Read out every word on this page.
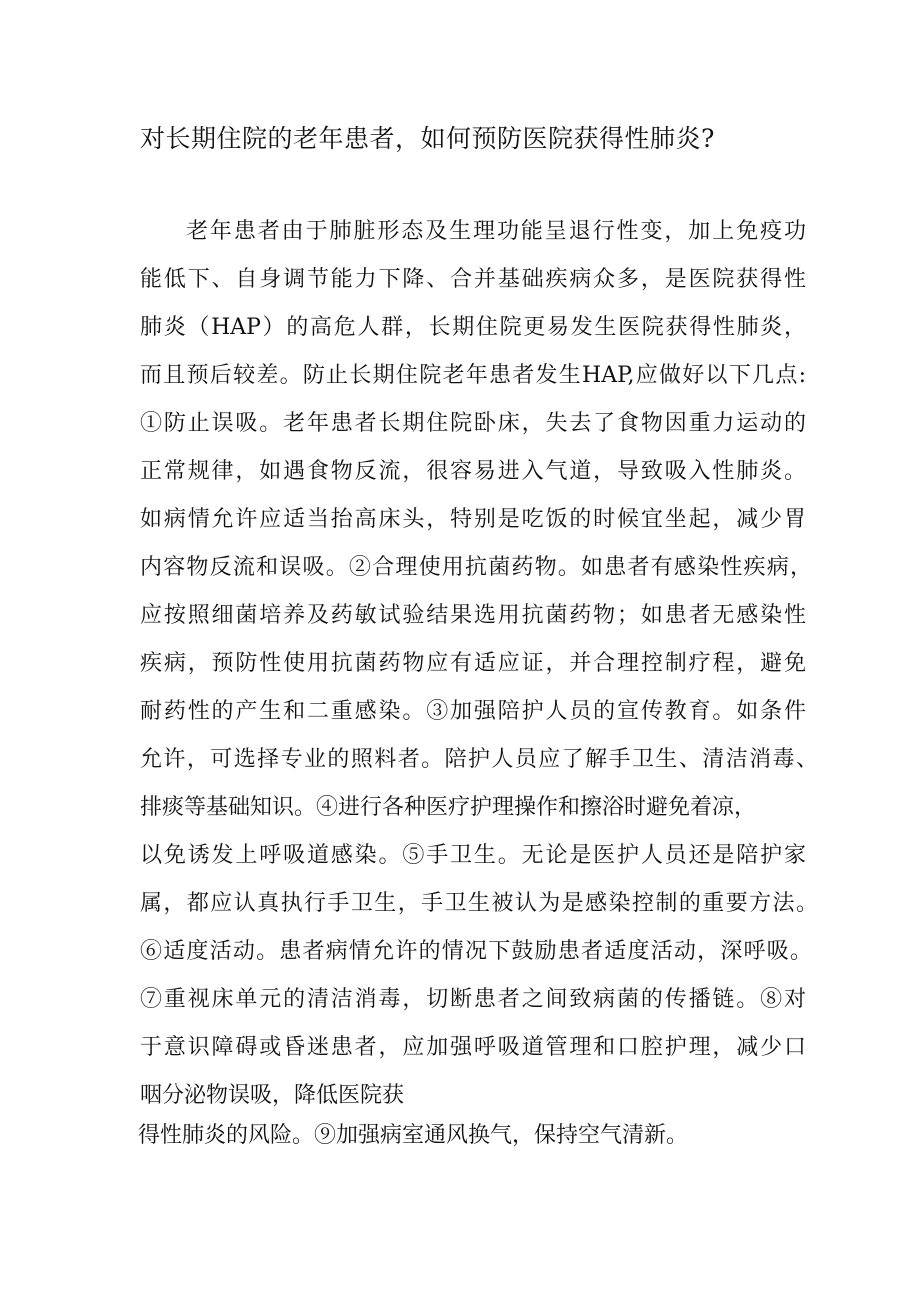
对长期住院的老年患者，如何预防医院获得性肺炎?

老年患者由于肺脏形态及生理功能呈退行性变，加上免疫功

能低下、自身调节能力下降、合并基础疾病众多，是医院获得性

肺炎（HAP）的高危人群，长期住院更易发生医院获得性肺炎，

而且预后较差。防止长期住院老年患者发生HAP,应做好以下几点:

①防止误吸。老年患者长期住院卧床，失去了食物因重力运动的

正常规律，如遇食物反流，很容易进入气道，导致吸入性肺炎。

如病情允许应适当抬高床头，特别是吃饭的时候宜坐起，减少胃

内容物反流和误吸。②合理使用抗菌药物。如患者有感染性疾病，

应按照细菌培养及药敏试验结果选用抗菌药物；如患者无感染性

疾病，预防性使用抗菌药物应有适应证，并合理控制疗程，避免

耐药性的产生和二重感染。③加强陪护人员的宣传教育。如条件

允许，可选择专业的照料者。陪护人员应了解手卫生、清洁消毒、

排痰等基础知识。④进行各种医疗护理操作和擦浴时避免着凉，

以免诱发上呼吸道感染。⑤手卫生。无论是医护人员还是陪护家

属，都应认真执行手卫生，手卫生被认为是感染控制的重要方法。

⑥适度活动。患者病情允许的情况下鼓励患者适度活动，深呼吸。

⑦重视床单元的清洁消毒，切断患者之间致病菌的传播链。⑧对

于意识障碍或昏迷患者，应加强呼吸道管理和口腔护理，减少口

咽分泌物误吸，降低医院获

得性肺炎的风险。⑨加强病室通风换气，保持空气清新。
